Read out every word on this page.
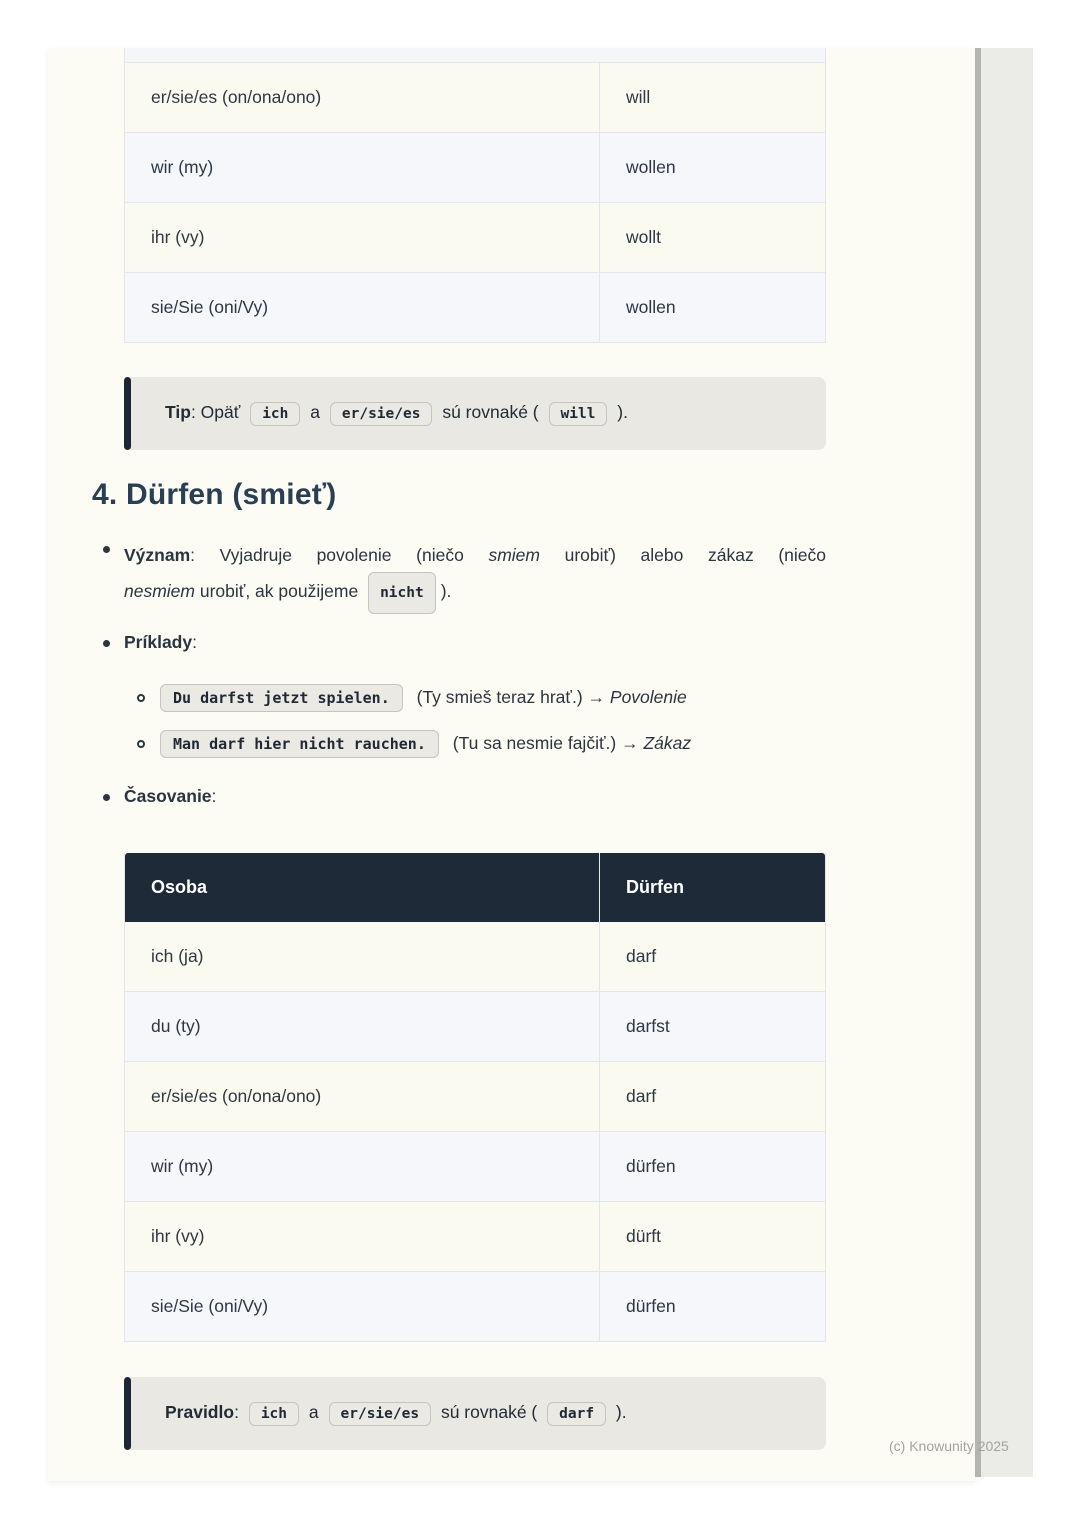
er/sie/es (on/ona/ono)	will
wir (my)	wollen
ihr (vy)	wollt
sie/Sie (oni/Vy)	wollen
Tip: Opäť ich a er/sie/es sú rovnaké ( will ).
4. Dürfen (smieť)
Význam: Vyjadruje povolenie (niečo smiem urobiť) alebo zákaz (niečo
nesmiem urobiť, ak použijeme nicht ).
Príklady:
Du darfst jetzt spielen. (Ty smieš teraz hrať.) → Povolenie
Man darf hier nicht rauchen. (Tu sa nesmie fajčiť.) → Zákaz
Časovanie:
Osoba	Dürfen
ich (ja)	darf
du (ty)	darfst
er/sie/es (on/ona/ono)	darf
wir (my)	dürfen
ihr (vy)	dürft
sie/Sie (oni/Vy)	dürfen
Pravidlo: ich a er/sie/es sú rovnaké ( darf ).
(c) Knowunity 2025
